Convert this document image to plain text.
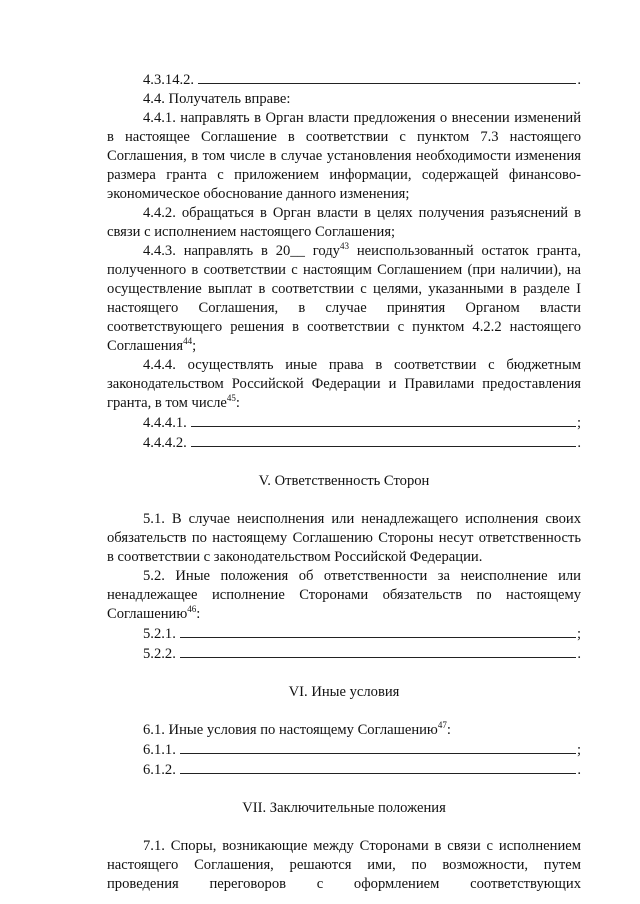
4.3.14.2.	.

4.4. Получатель вправе:

4.4.1. направлять в Орган власти предложения о внесении изменений в настоящее Соглашение в соответствии с пунктом 7.3 настоящего Соглашения, в том числе в случае установления необходимости изменения размера гранта с приложением информации, содержащей финансово-экономическое обоснование данного изменения;

4.4.2. обращаться в Орган власти в целях получения разъяснений в связи с исполнением настоящего Соглашения;

4.4.3. направлять в 20__ году$^{43}$ неиспользованный остаток гранта, полученного в соответствии с настоящим Соглашением (при наличии), на осуществление выплат в соответствии с целями, указанными в разделе I настоящего Соглашения, в случае принятия Органом власти соответствующего решения в соответствии с пунктом 4.2.2 настоящего Соглашения$^{44}$;

4.4.4. осуществлять иные права в соответствии с бюджетным законодательством Российской Федерации и Правилами предоставления гранта, в том числе$^{45}$:

4.4.4.1.	;

4.4.4.2.	.

V. Ответственность Сторон

5.1. В случае неисполнения или ненадлежащего исполнения своих обязательств по настоящему Соглашению Стороны несут ответственность в соответствии с законодательством Российской Федерации.

5.2. Иные положения об ответственности за неисполнение или ненадлежащее исполнение Сторонами обязательств по настоящему Соглашению$^{46}$:

5.2.1.	;

5.2.2.	.

VI. Иные условия

6.1. Иные условия по настоящему Соглашению$^{47}$:

6.1.1.	;

6.1.2.	.

VII. Заключительные положения

7.1. Споры, возникающие между Сторонами в связи с исполнением настоящего Соглашения, решаются ими, по возможности, путем проведения переговоров с оформлением соответствующих
